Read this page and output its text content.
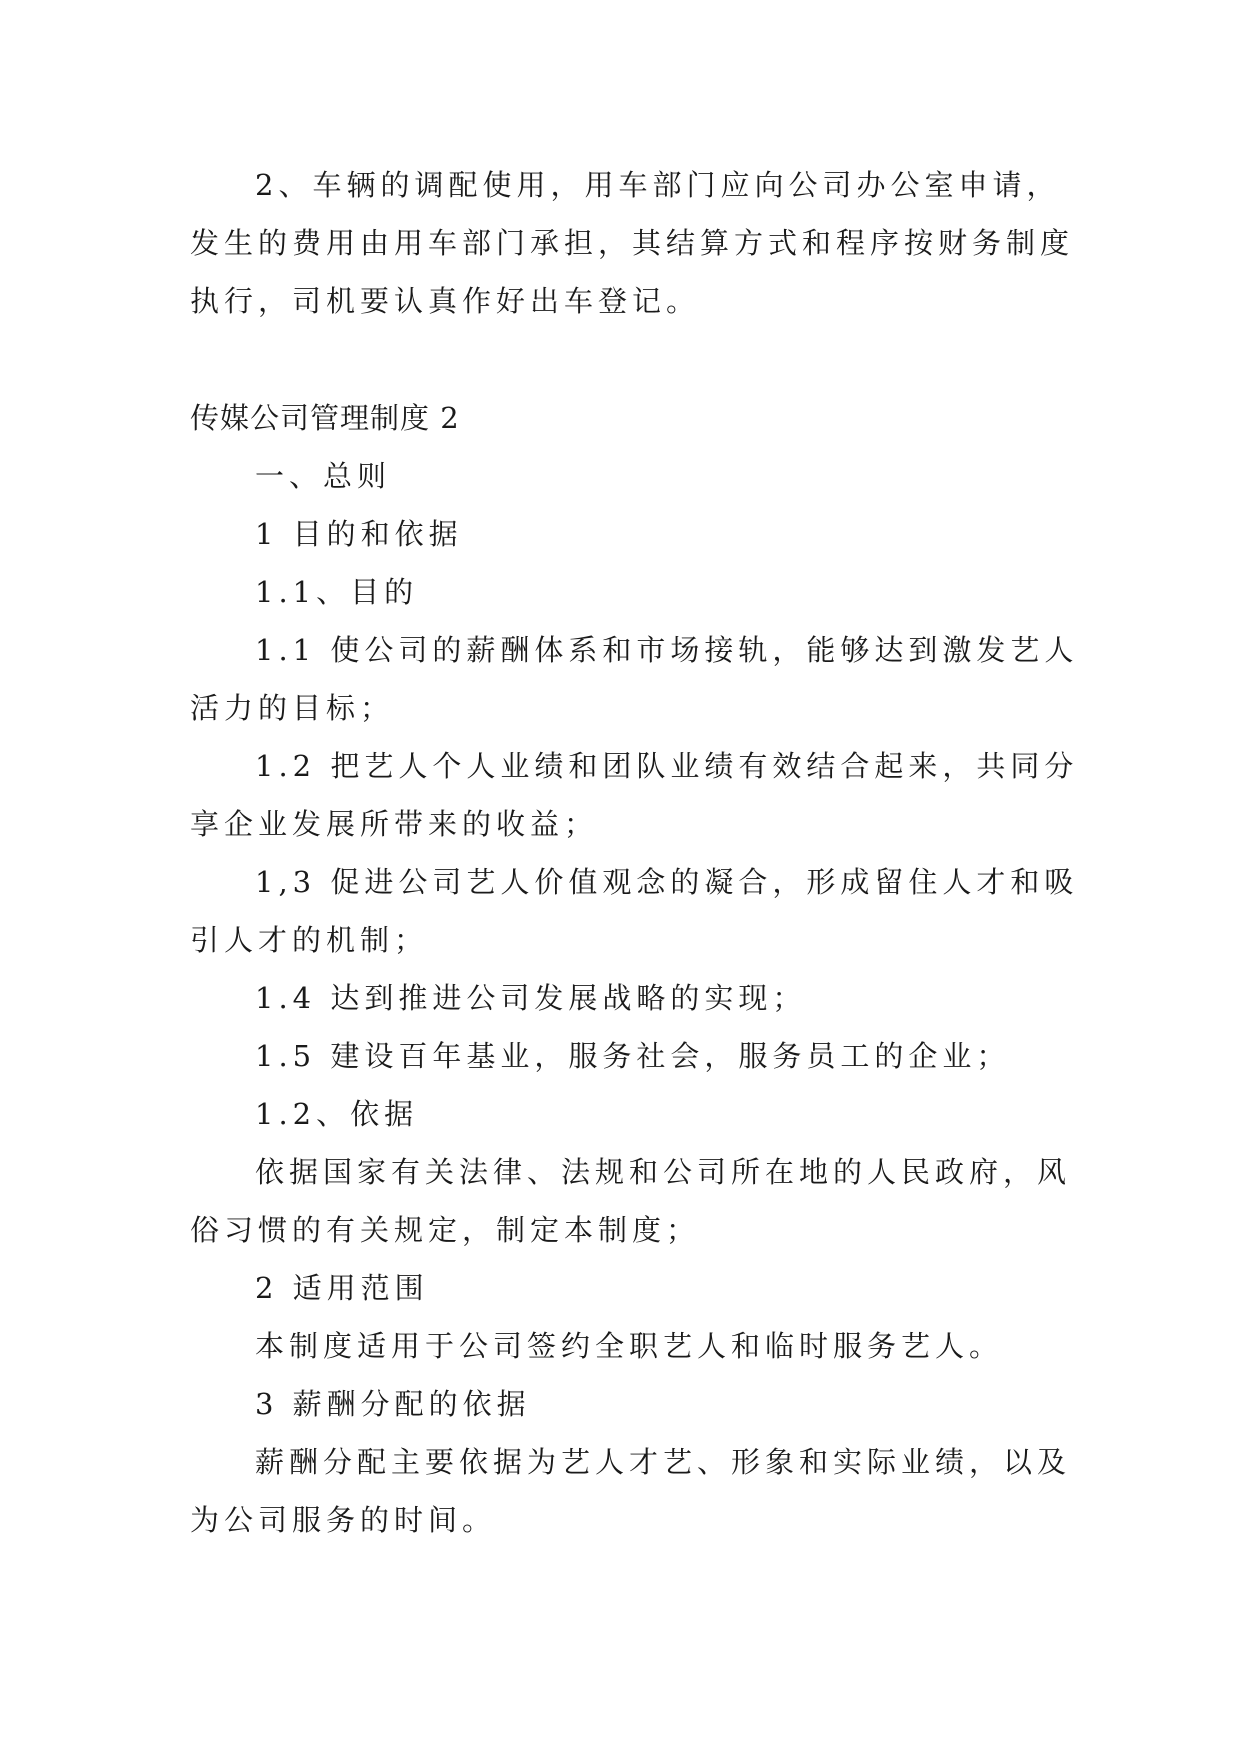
2、车辆的调配使用，用车部门应向公司办公室申请，
发生的费用由用车部门承担，其结算方式和程序按财务制度
执行，司机要认真作好出车登记。
传媒公司管理制度 2
一、总则
1 目的和依据
1.1、目的
1.1 使公司的薪酬体系和市场接轨，能够达到激发艺人
活力的目标；
1.2 把艺人个人业绩和团队业绩有效结合起来，共同分
享企业发展所带来的收益；
1,3 促进公司艺人价值观念的凝合，形成留住人才和吸
引人才的机制；
1.4 达到推进公司发展战略的实现；
1.5 建设百年基业，服务社会，服务员工的企业；
1.2、依据
依据国家有关法律、法规和公司所在地的人民政府，风
俗习惯的有关规定，制定本制度；
2 适用范围
本制度适用于公司签约全职艺人和临时服务艺人。
3 薪酬分配的依据
薪酬分配主要依据为艺人才艺、形象和实际业绩，以及
为公司服务的时间。
